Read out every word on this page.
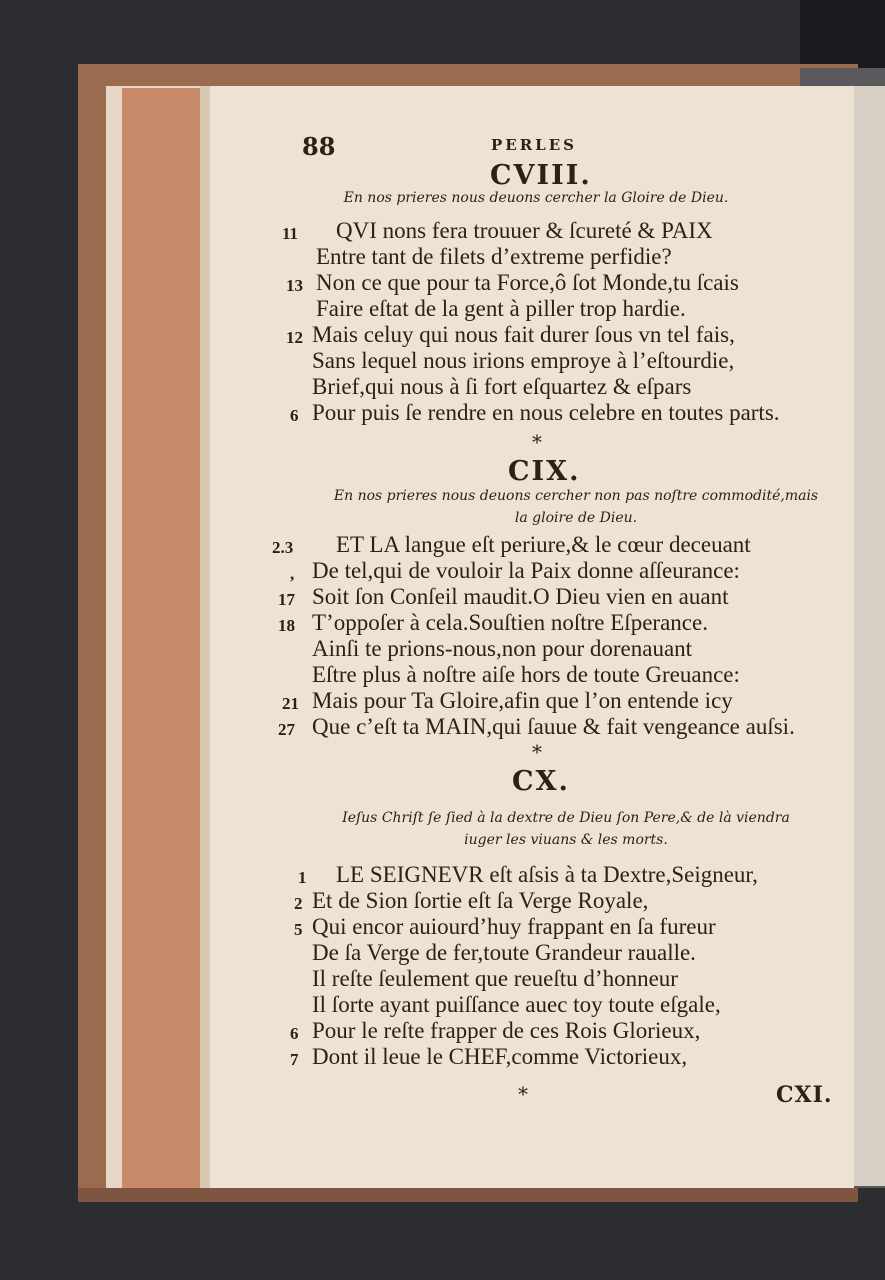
88	PERLES
CVIII.
En nos prieres nous deuons cercher la Gloire de Dieu.
11 QVI nons fera trouuer & ſcureté & PAIX
Entre tant de filets d’extreme perfidie?
13 Non ce que pour ta Force,ô ſot Monde,tu ſcais
Faire eſtat de la gent à piller trop hardie.
12 Mais celuy qui nous fait durer ſous vn tel fais,
Sans lequel nous irions emproye à l’eſtourdie,
Brief,qui nous à ſi fort eſquartez & eſpars
6 Pour puis ſe rendre en nous celebre en toutes parts.
*
CIX.
En nos prieres nous deuons cercher non pas noſtre commodité,mais
la gloire de Dieu.
2.3 ET LA langue eſt periure,& le cœur deceuant
, De tel,qui de vouloir la Paix donne aſſeurance:
17 Soit ſon Conſeil maudit.O Dieu vien en auant
18 T’oppoſer à cela.Souſtien noſtre Eſperance.
Ainſi te prions-nous,non pour dorenauant
Eſtre plus à noſtre aiſe hors de toute Greuance:
21 Mais pour Ta Gloire,afin que l’on entende icy
27 Que c’eſt ta MAIN,qui ſauue & fait vengeance auſsi.
*
CX.
Ieſus Chriſt ſe ſied à la dextre de Dieu ſon Pere,& de là viendra
iuger les viuans & les morts.
1 LE SEIGNEVR eſt aſsis à ta Dextre,Seigneur,
2 Et de Sion ſortie eſt ſa Verge Royale,
5 Qui encor auiourd’huy frappant en ſa fureur
De ſa Verge de fer,toute Grandeur raualle.
Il reſte ſeulement que reueſtu d’honneur
Il ſorte ayant puiſſance auec toy toute eſgale,
6 Pour le reſte frapper de ces Rois Glorieux,
7 Dont il leue le CHEF,comme Victorieux,
*	CXI.
